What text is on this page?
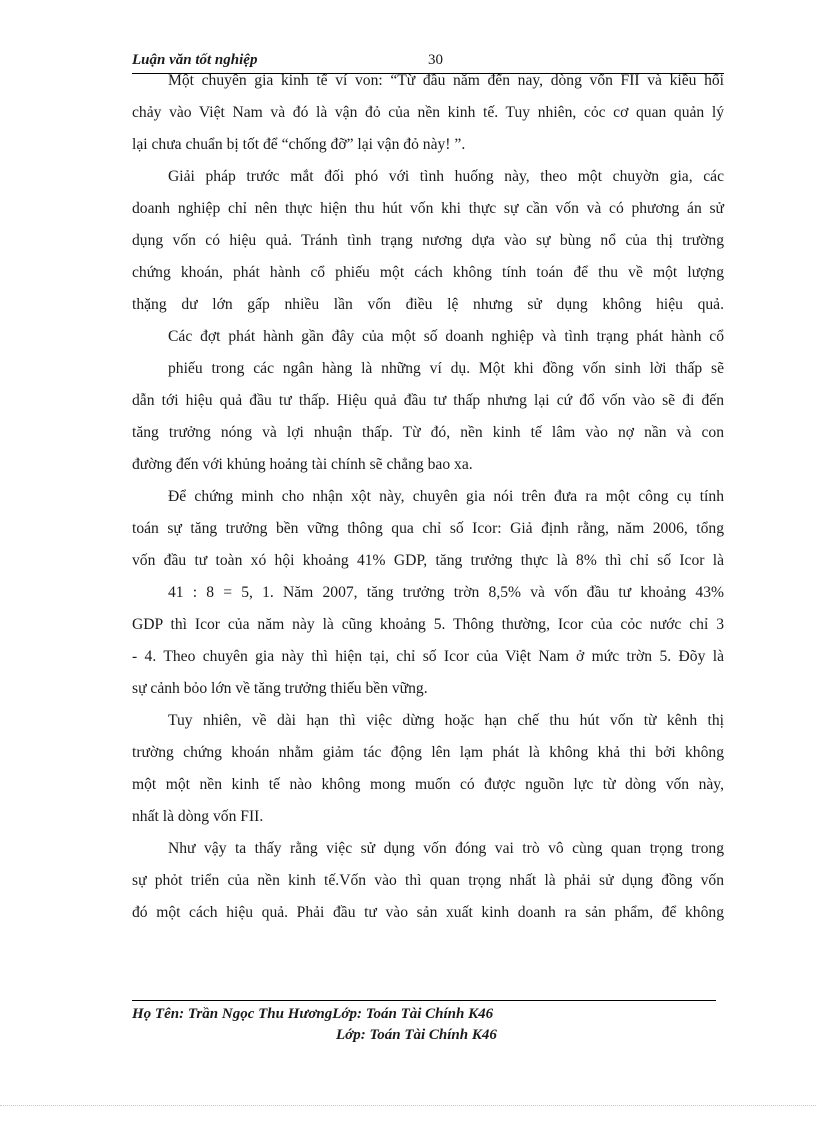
Luận văn tốt nghiệp	30

Một chuyên gia kinh tế ví von: “Từ đầu năm đến nay, dòng vốn FII và kiều hối
chảy vào Việt Nam và đó là vận đỏ của nền kinh tế. Tuy nhiên, cỏc cơ quan quản lý
lại chưa chuẩn bị tốt để “chống đỡ” lại vận đỏ này! ”.

Giải pháp trước mắt đối phó với tình huống này, theo một chuyờn gia, các
doanh nghiệp chỉ nên thực hiện thu hút vốn khi thực sự cần vốn và có phương án sử
dụng vốn có hiệu quả. Tránh tình trạng nương dựa vào sự bùng nổ của thị trường
chứng khoán, phát hành cổ phiếu một cách không tính toán để thu về một lượng
thặng dư lớn gấp nhiều lần vốn điều lệ nhưng sử dụng không hiệu quả.

Các đợt phát hành gần đây của một số doanh nghiệp và tình trạng phát hành cổ
phiếu trong các ngân hàng là những ví dụ. Một khi đồng vốn sinh lời thấp sẽ
dẫn tới hiệu quả đầu tư thấp. Hiệu quả đầu tư thấp nhưng lại cứ đổ vốn vào sẽ đi đến
tăng trưởng nóng và lợi nhuận thấp. Từ đó, nền kinh tế lâm vào nợ nần và con
đường đến với khủng hoảng tài chính sẽ chẳng bao xa.

Để chứng minh cho nhận xột này, chuyên gia nói trên đưa ra một công cụ tính
toán sự tăng trưởng bền vững thông qua chỉ số Icor: Giả định rằng, năm 2006, tổng
vốn đầu tư toàn xó hội khoảng 41% GDP, tăng trưởng thực là 8% thì chỉ số Icor là
41 : 8 = 5, 1. Năm 2007, tăng trưởng trờn 8,5% và vốn đầu tư khoảng 43%
GDP thì Icor của năm này là cũng khoảng 5. Thông thường, Icor của cỏc nước chỉ 3
- 4. Theo chuyên gia này thì hiện tại, chỉ số Icor của Việt Nam ở mức trờn 5. Đõy là
sự cảnh bỏo lớn về tăng trưởng thiếu bền vững.

Tuy nhiên, về dài hạn thì việc dừng hoặc hạn chế thu hút vốn từ kênh thị
trường chứng khoán nhằm giảm tác động lên lạm phát là không khả thi bởi không
một một nền kinh tế nào không mong muốn có được nguồn lực từ dòng vốn này,
nhất là dòng vốn FII.

Như vậy ta thấy rằng việc sử dụng vốn đóng vai trò vô cùng quan trọng trong
sự phỏt triển của nền kinh tế.Vốn vào thì quan trọng nhất là phải sử dụng đồng vốn
đó một cách hiệu quả. Phải đầu tư vào sản xuất kinh doanh ra sản phẩm, để không

Họ Tên: Trần Ngọc Thu HươngLớp: Toán Tài Chính K46
Lớp: Toán Tài Chính K46
